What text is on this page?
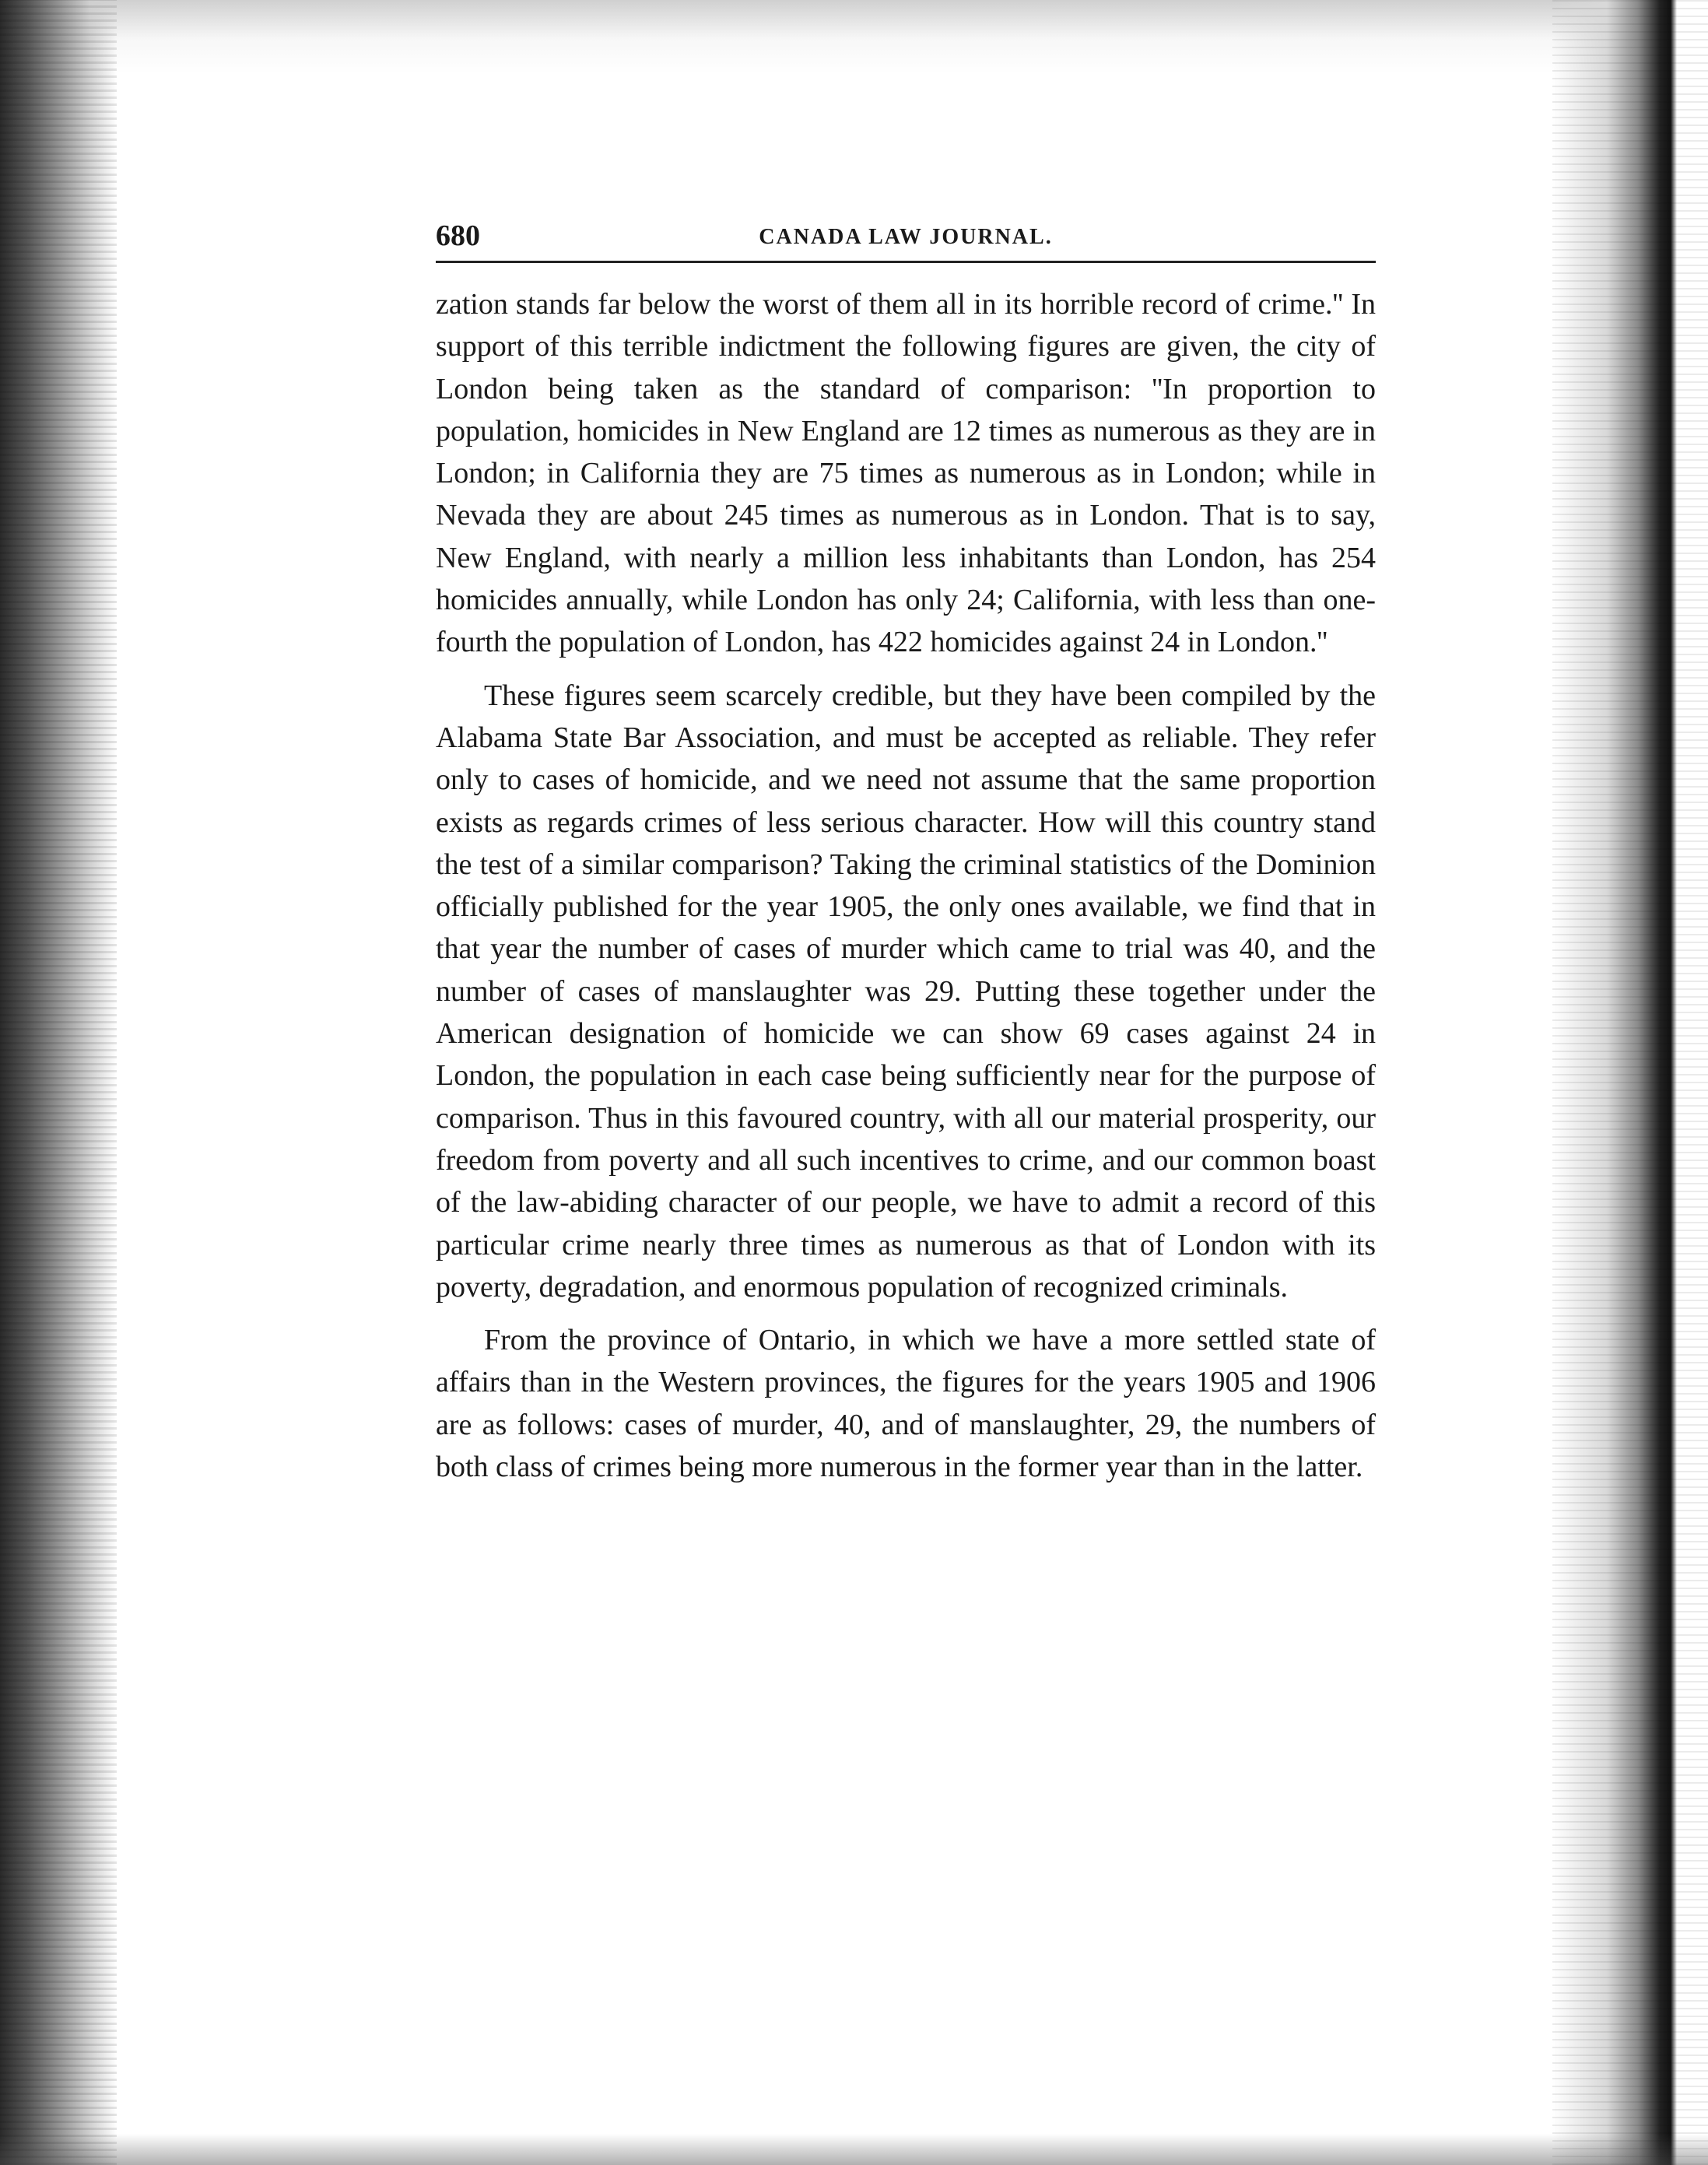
680	CANADA LAW JOURNAL.

zation stands far below the worst of them all in its horrible record of crime.'' In support of this terrible indictment the following figures are given, the city of London being taken as the standard of comparison: ''In proportion to population, homicides in New England are 12 times as numerous as they are in London; in California they are 75 times as numerous as in London; while in Nevada they are about 245 times as numerous as in London. That is to say, New England, with nearly a million less inhabitants than London, has 254 homicides annually, while London has only 24; California, with less than one-fourth the population of London, has 422 homicides against 24 in London.''

These figures seem scarcely credible, but they have been compiled by the Alabama State Bar Association, and must be accepted as reliable. They refer only to cases of homicide, and we need not assume that the same proportion exists as regards crimes of less serious character. How will this country stand the test of a similar comparison? Taking the criminal statistics of the Dominion officially published for the year 1905, the only ones available, we find that in that year the number of cases of murder which came to trial was 40, and the number of cases of manslaughter was 29. Putting these together under the American designation of homicide we can show 69 cases against 24 in London, the population in each case being sufficiently near for the purpose of comparison. Thus in this favoured country, with all our material prosperity, our freedom from poverty and all such incentives to crime, and our common boast of the law-abiding character of our people, we have to admit a record of this particular crime nearly three times as numerous as that of London with its poverty, degradation, and enormous population of recognized criminals.

From the province of Ontario, in which we have a more settled state of affairs than in the Western provinces, the figures for the years 1905 and 1906 are as follows: cases of murder, 40, and of manslaughter, 29, the numbers of both class of crimes being more numerous in the former year than in the latter.
